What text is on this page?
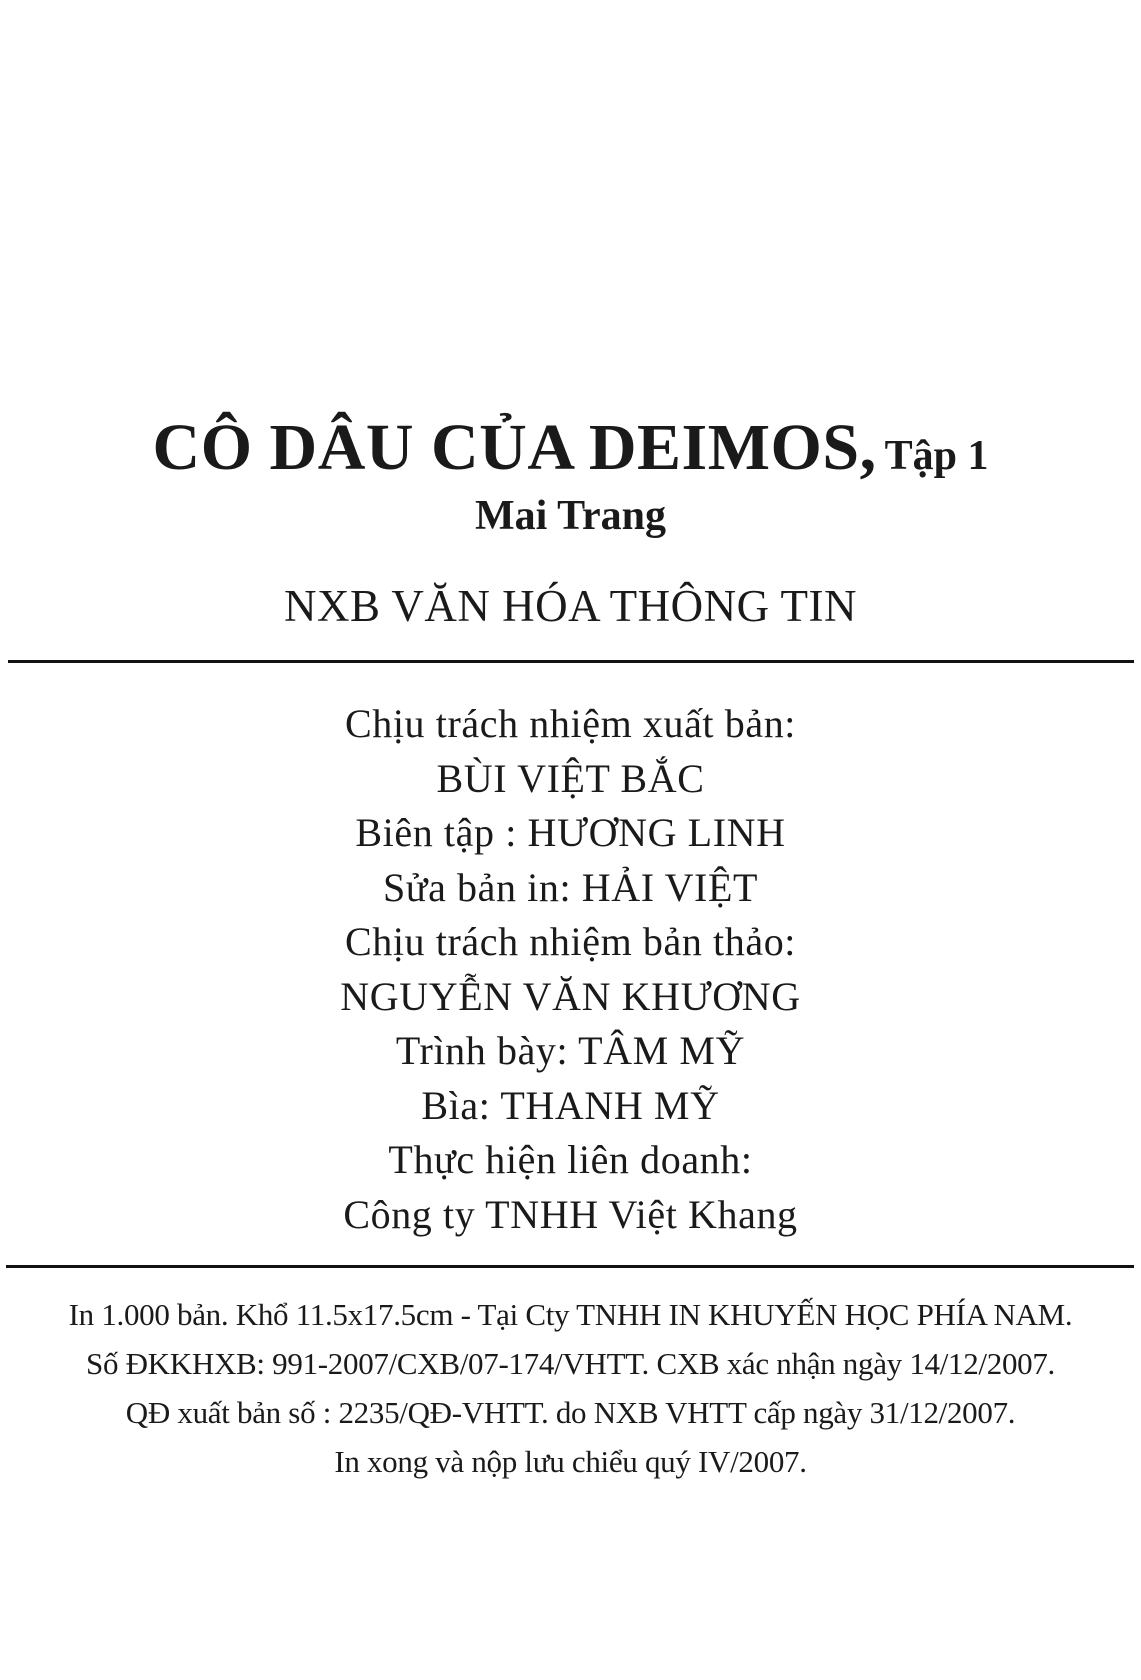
CÔ DÂU CỦA DEIMOS, Tập 1
Mai Trang
NXB VĂN HÓA THÔNG TIN
Chịu trách nhiệm xuất bản:
BÙI VIỆT BẮC
Biên tập : HƯƠNG LINH
Sửa bản in: HẢI VIỆT
Chịu trách nhiệm bản thảo:
NGUYỄN VĂN KHƯƠNG
Trình bày: TÂM MỸ
Bìa: THANH MỸ
Thực hiện liên doanh:
Công ty TNHH Việt Khang
In 1.000 bản. Khổ 11.5x17.5cm - Tại Cty TNHH IN KHUYẾN HỌC PHÍA NAM.
Số ĐKKHXB: 991-2007/CXB/07-174/VHTT. CXB xác nhận ngày 14/12/2007.
QĐ xuất bản số : 2235/QĐ-VHTT. do NXB VHTT cấp ngày 31/12/2007.
In xong và nộp lưu chiểu quý IV/2007.
